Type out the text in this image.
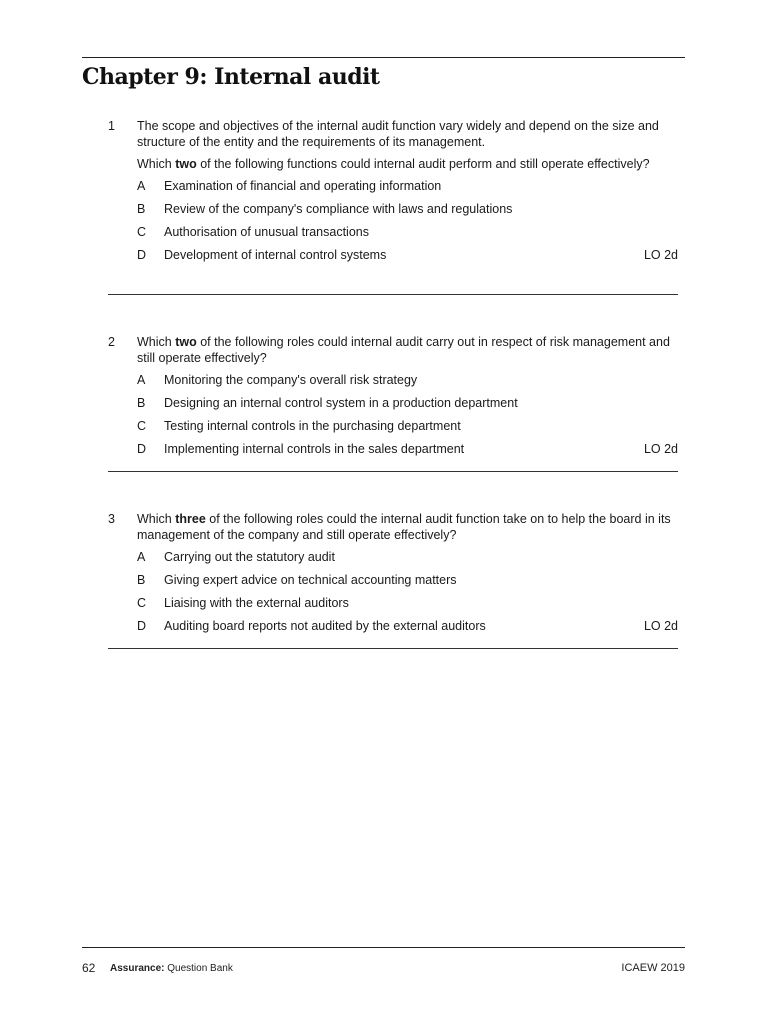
Chapter 9: Internal audit
1	The scope and objectives of the internal audit function vary widely and depend on the size and structure of the entity and the requirements of its management.

Which two of the following functions could internal audit perform and still operate effectively?

A	Examination of financial and operating information
B	Review of the company's compliance with laws and regulations
C	Authorisation of unusual transactions
D	Development of internal control systems	LO 2d
2	Which two of the following roles could internal audit carry out in respect of risk management and still operate effectively?

A	Monitoring the company's overall risk strategy
B	Designing an internal control system in a production department
C	Testing internal controls in the purchasing department
D	Implementing internal controls in the sales department	LO 2d
3	Which three of the following roles could the internal audit function take on to help the board in its management of the company and still operate effectively?

A	Carrying out the statutory audit
B	Giving expert advice on technical accounting matters
C	Liaising with the external auditors
D	Auditing board reports not audited by the external auditors	LO 2d
62 Assurance: Question Bank	ICAEW 2019
